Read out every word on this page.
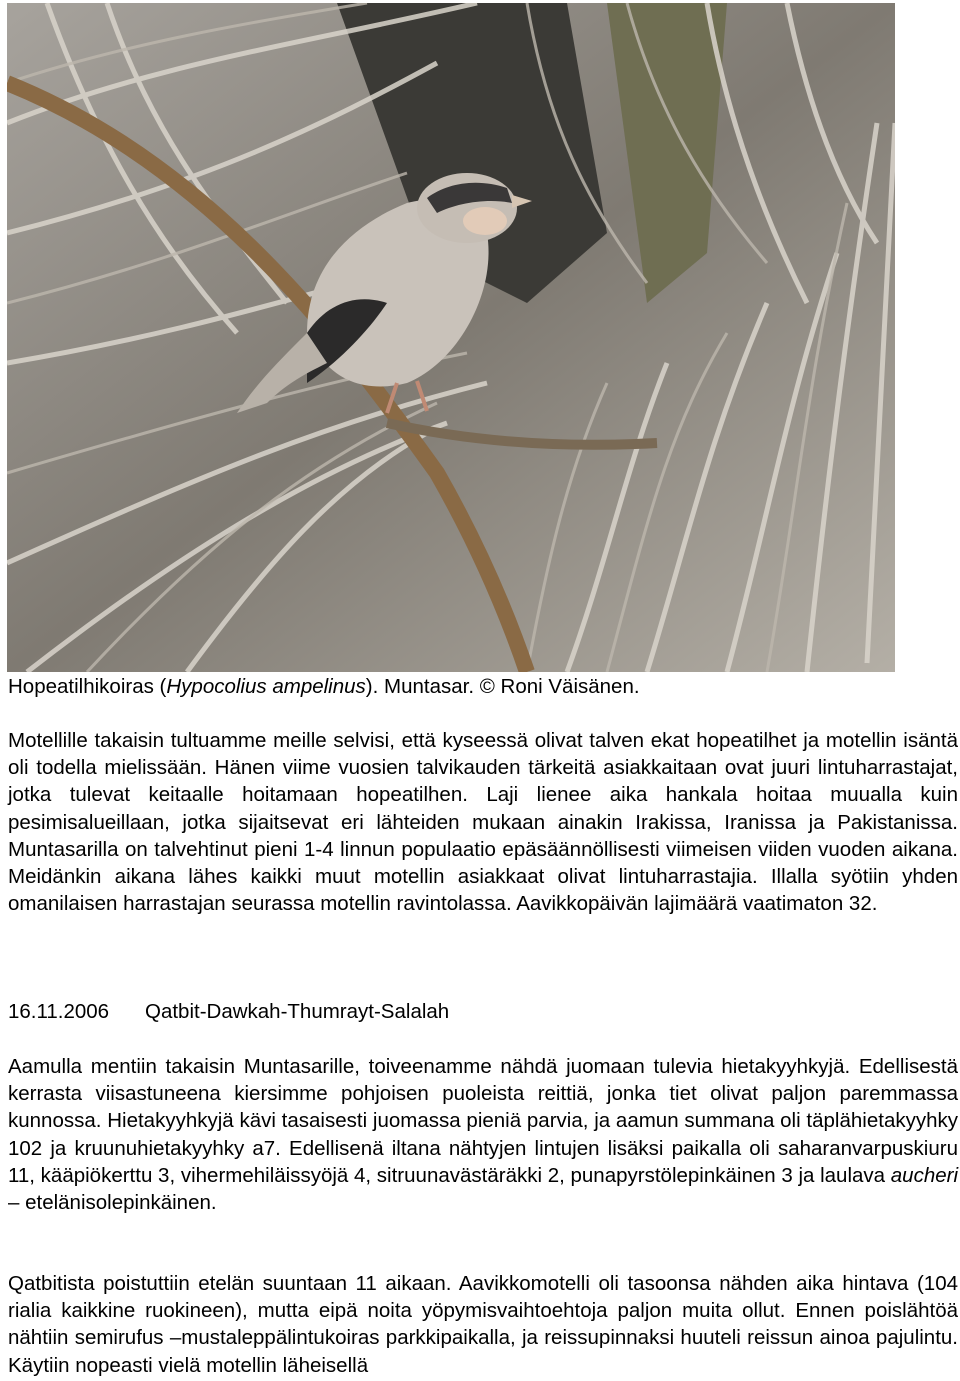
Hopeatilhikoiras (Hypocolius ampelinus). Muntasar. © Roni Väisänen.

Motellille takaisin tultuamme meille selvisi, että kyseessä olivat talven ekat hopeatilhet ja motellin isäntä oli todella mielissään. Hänen viime vuosien talvikauden tärkeitä asiakkaitaan ovat juuri lintuharrastajat, jotka tulevat keitaalle hoitamaan hopeatilhen. Laji lienee aika hankala hoitaa muualla kuin pesimisalueillaan, jotka sijaitsevat eri lähteiden mukaan ainakin Irakissa, Iranissa ja Pakistanissa. Muntasarilla on talvehtinut pieni 1-4 linnun populaatio epäsäännöllisesti viimeisen viiden vuoden aikana. Meidänkin aikana lähes kaikki muut motellin asiakkaat olivat lintuharrastajia. Illalla syötiin yhden omanilaisen harrastajan seurassa motellin ravintolassa. Aavikkopäivän lajimäärä vaatimaton 32.

16.11.2006 Qatbit-Dawkah-Thumrayt-Salalah

Aamulla mentiin takaisin Muntasarille, toiveenamme nähdä juomaan tulevia hietakyyhkyjä. Edellisestä kerrasta viisastuneena kiersimme pohjoisen puoleista reittiä, jonka tiet olivat paljon paremmassa kunnossa. Hietakyyhkyjä kävi tasaisesti juomassa pieniä parvia, ja aamun summana oli täplähietakyyhky 102 ja kruunuhietakyyhky a7. Edellisenä iltana nähtyjen lintujen lisäksi paikalla oli saharanvarpuskiuru 11, kääpiökerttu 3, vihermehiläissyöjä 4, sitruunavästäräkki 2, punapyrstölepinkäinen 3 ja laulava aucheri – etelänisolepinkäinen.

Qatbitista poistuttiin etelän suuntaan 11 aikaan. Aavikkomotelli oli tasoonsa nähden aika hintava (104 rialia kaikkine ruokineen), mutta eipä noita yöpymisvaihtoehtoja paljon muita ollut. Ennen poislähtöä nähtiin semirufus –mustaleppälintukoiras parkkipaikalla, ja reissupinnaksi huuteli reissun ainoa pajulintu. Käytiin nopeasti vielä motellin läheisellä
